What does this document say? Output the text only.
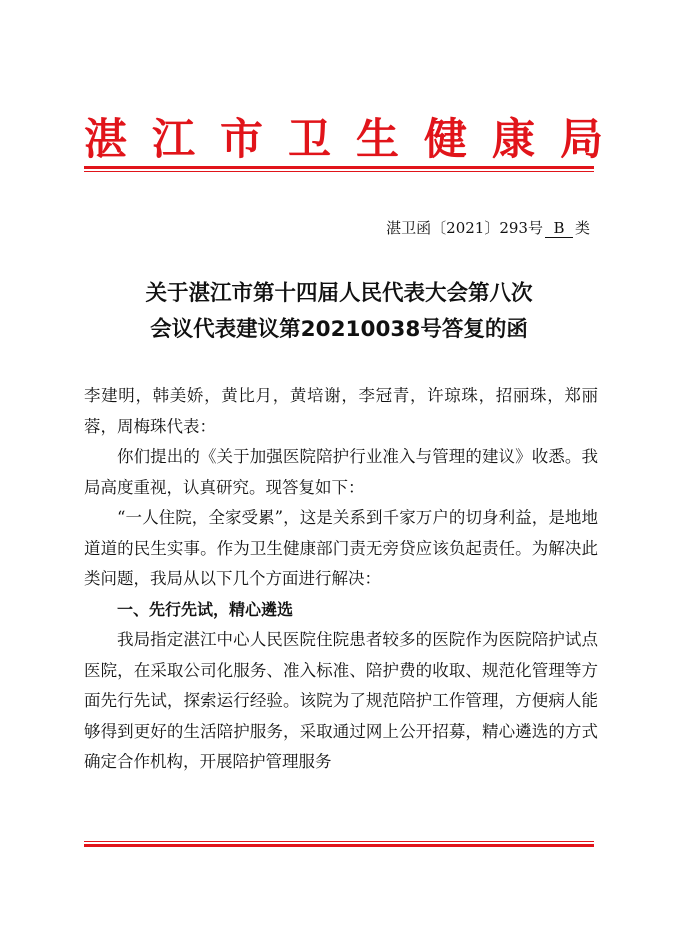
湛江市卫生健康局
湛卫函〔2021〕293号 B 类
关于湛江市第十四届人民代表大会第八次
会议代表建议第20210038号答复的函

李建明，韩美娇，黄比月，黄培谢，李冠青，许琼珠，招丽珠，郑丽蓉，周梅珠代表：

你们提出的《关于加强医院陪护行业准入与管理的建议》收悉。我局高度重视，认真研究。现答复如下：

“一人住院，全家受累”，这是关系到千家万户的切身利益，是地地道道的民生实事。作为卫生健康部门责无旁贷应该负起责任。为解决此类问题，我局从以下几个方面进行解决：

一、先行先试，精心遴选

我局指定湛江中心人民医院住院患者较多的医院作为医院陪护试点医院，在采取公司化服务、准入标准、陪护费的收取、规范化管理等方面先行先试，探索运行经验。该院为了规范陪护工作管理，方便病人能够得到更好的生活陪护服务，采取通过网上公开招募，精心遴选的方式确定合作机构，开展陪护管理服务
